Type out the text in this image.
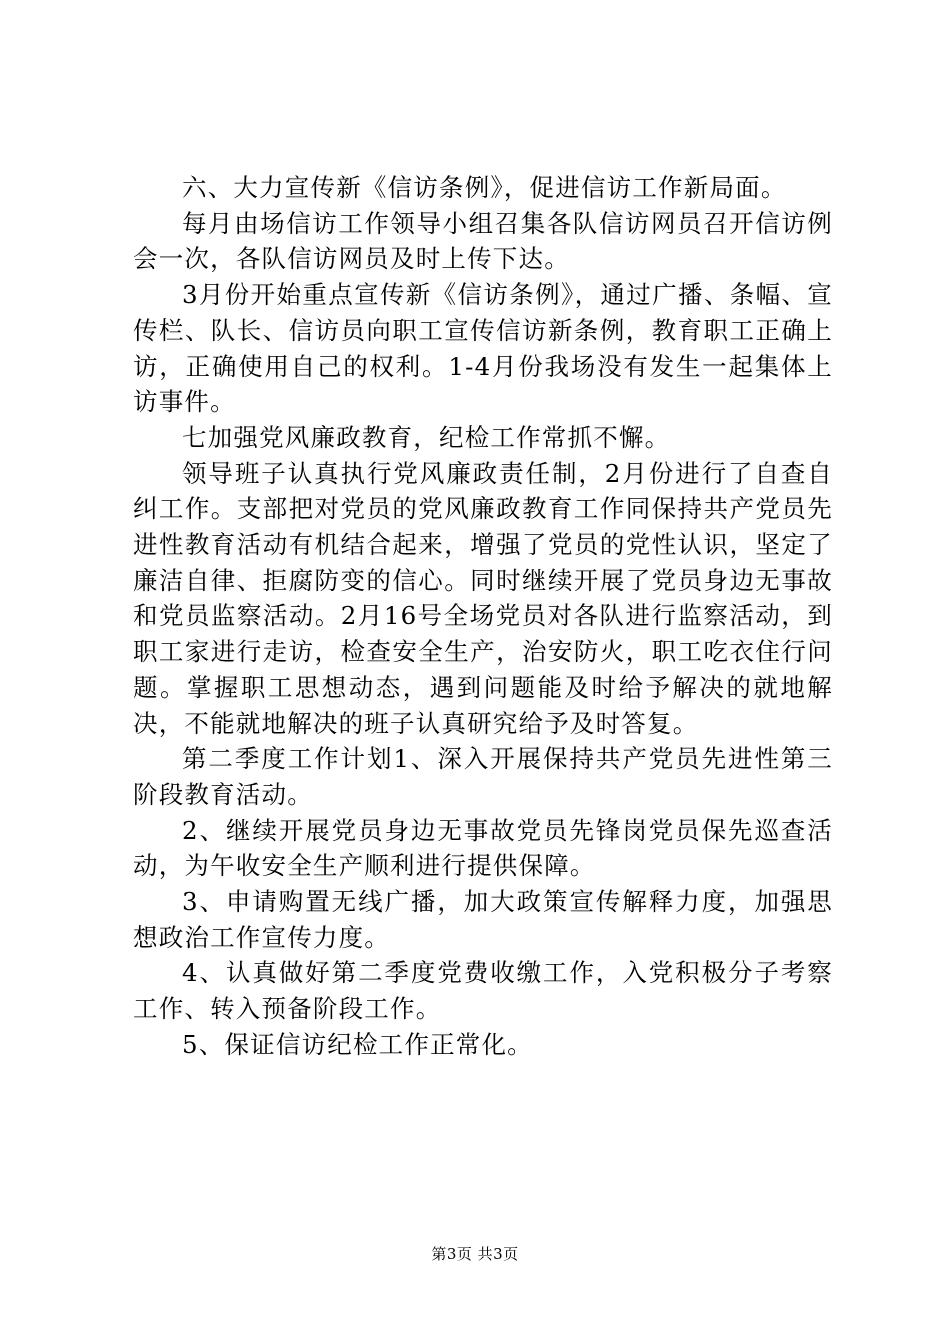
六、大力宣传新《信访条例》，促进信访工作新局面。

每月由场信访工作领导小组召集各队信访网员召开信访例会一次，各队信访网员及时上传下达。

3月份开始重点宣传新《信访条例》，通过广播、条幅、宣传栏、队长、信访员向职工宣传信访新条例，教育职工正确上访，正确使用自己的权利。1-4月份我场没有发生一起集体上访事件。

七加强党风廉政教育，纪检工作常抓不懈。

领导班子认真执行党风廉政责任制，2月份进行了自查自纠工作。支部把对党员的党风廉政教育工作同保持共产党员先进性教育活动有机结合起来，增强了党员的党性认识，坚定了廉洁自律、拒腐防变的信心。同时继续开展了党员身边无事故和党员监察活动。2月16号全场党员对各队进行监察活动，到职工家进行走访，检查安全生产，治安防火，职工吃衣住行问题。掌握职工思想动态，遇到问题能及时给予解决的就地解决，不能就地解决的班子认真研究给予及时答复。

第二季度工作计划1、深入开展保持共产党员先进性第三阶段教育活动。

2、继续开展党员身边无事故党员先锋岗党员保先巡查活动，为午收安全生产顺利进行提供保障。

3、申请购置无线广播，加大政策宣传解释力度，加强思想政治工作宣传力度。

4、认真做好第二季度党费收缴工作，入党积极分子考察工作、转入预备阶段工作。

5、保证信访纪检工作正常化。

第3页 共3页
